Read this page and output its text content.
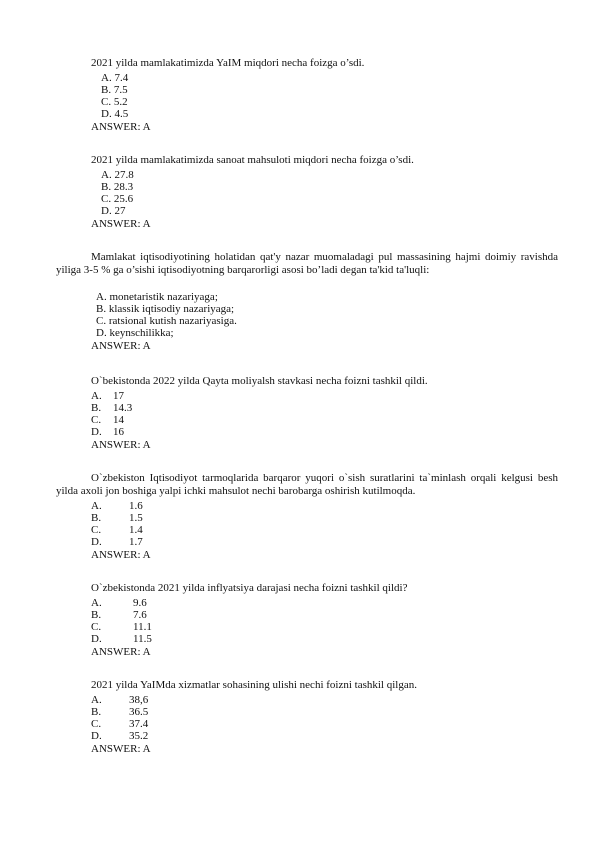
2021 yilda mamlakatimizda YaIM miqdori necha foizga o’sdi.
A. 7.4
B. 7.5
C. 5.2
D. 4.5
ANSWER: A
2021 yilda mamlakatimizda sanoat mahsuloti miqdori necha foizga o’sdi.
A. 27.8
B. 28.3
C. 25.6
D. 27
ANSWER: A
Mamlakat iqtisodiyotining holatidan qat'y nazar muomaladagi pul massasining hajmi doimiy ravishda yiliga 3-5 % ga o’sishi iqtisodiyotning barqarorligi asosi bo’ladi degan ta'kid ta'luqli:
A. monetaristik nazariyaga;
B. klassik iqtisodiy nazariyaga;
C. ratsional kutish nazariyasiga.
D. keynschilikka;
ANSWER: A
O`bekistonda 2022 yilda Qayta moliyalsh stavkasi necha foizni tashkil qildi.
A. 17
B. 14.3
C. 14
D. 16
ANSWER: A
O`zbekiston Iqtisodiyot tarmoqlarida barqaror yuqori o`sish suratlarini ta`minlash orqali kelgusi besh yilda axoli jon boshiga yalpi ichki mahsulot nechi barobarga oshirish kutilmoqda.
A. 1.6
B.	1.5
C.	1.4
D. 1.7
ANSWER: A
O`zbekistonda 2021 yilda inflyatsiya darajasi necha foizni tashkil qildi?
A.	9.6
B.	7.6
C.	11.1
D.	11.5
ANSWER: A
2021 yilda YaIMda xizmatlar sohasining ulishi nechi foizni tashkil qilgan.
A. 38,6
B.	36.5
C.	37.4
D. 35.2
ANSWER: A
